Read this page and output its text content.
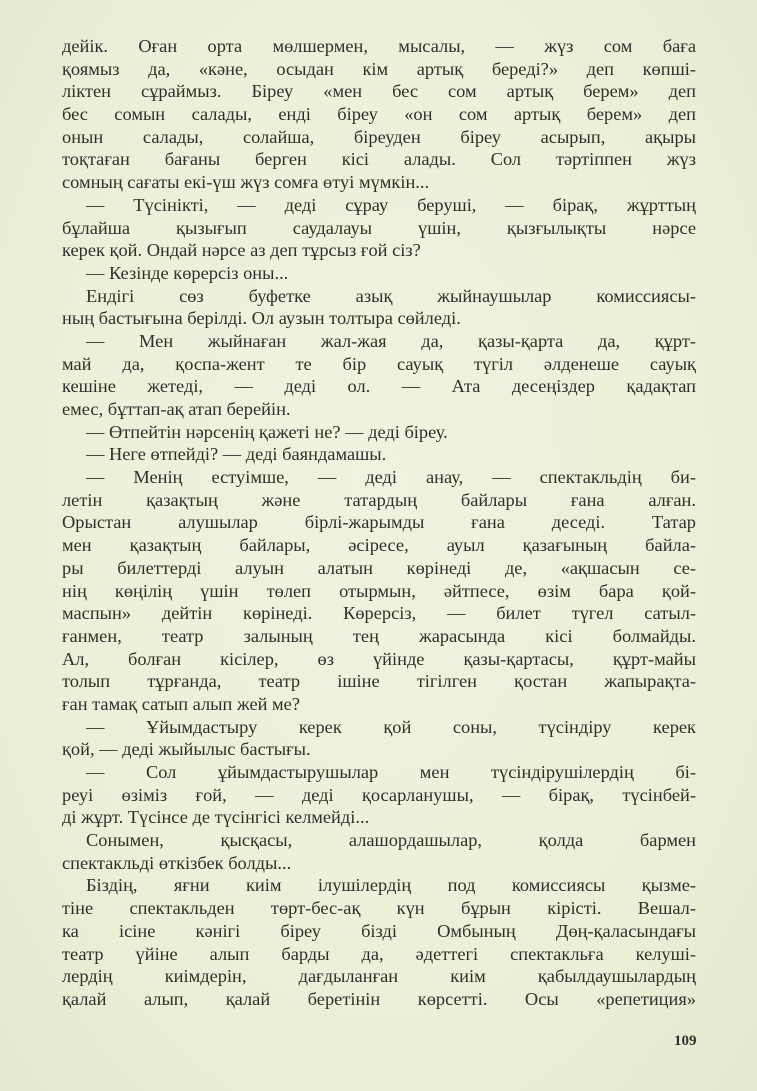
дейік. Оған орта мөлшермен, мысалы, — жүз сом баға
қоямыз да, «кәне, осыдан кім артық береді?» деп көпші-
ліктен сұраймыз. Біреу «мен бес сом артық берем» деп
бес сомын салады, енді біреу «он сом артық берем» деп
онын салады, солайша, біреуден біреу асырып, ақыры
тоқтаған бағаны берген кісі алады. Сол тәртіппен жүз
сомның сағаты екі-үш жүз сомға өтуі мүмкін...
— Түсінікті, — деді сұрау беруші, — бірақ, жұрттың
бұлайша қызығып саудалауы үшін, қызғылықты нәрсе
керек қой. Ондай нәрсе аз деп тұрсыз ғой сіз?
— Кезінде көрерсіз оны...
Ендігі сөз буфетке азық жыйнаушылар комиссиясы-
ның бастығына берілді. Ол аузын толтыра сөйледі.
— Мен жыйнаған жал-жая да, қазы-қарта да, құрт-
май да, қоспа-жент те бір сауық түгіл әлденеше сауық
кешіне жетеді, — деді ол. — Ата десеңіздер қадақтап
емес, бұттап-ақ атап берейін.
— Өтпейтін нәрсенің қажеті не? — деді біреу.
— Неге өтпейді? — деді баяндамашы.
— Менің естуімше, — деді анау, — спектакльдің би-
летін қазақтың және татардың байлары ғана алған.
Орыстан алушылар бірлі-жарымды ғана деседі. Татар
мен қазақтың байлары, әсіресе, ауыл қазағының байла-
ры билеттерді алуын алатын көрінеді де, «ақшасын се-
нің көңілің үшін төлеп отырмын, әйтпесе, өзім бара қой-
маспын» дейтін көрінеді. Көрерсіз, — билет түгел сатыл-
ғанмен, театр залының тең жарасында кісі болмайды.
Ал, болған кісілер, өз үйінде қазы-қартасы, құрт-майы
толып тұрғанда, театр ішіне тігілген қостан жапырақта-
ған тамақ сатып алып жей ме?
— Ұйымдастыру керек қой соны, түсіндіру керек
қой, — деді жыйылыс бастығы.
— Сол ұйымдастырушылар мен түсіндірушілердің бі-
реуі өзіміз ғой, — деді қосарланушы, — бірақ, түсінбей-
ді жұрт. Түсінсе де түсінгісі келмейді...
Сонымен, қысқасы, алашордашылар, қолда бармен
спектакльді өткізбек болды...
Біздің, яғни киім ілушілердің под комиссиясы қызме-
тіне спектакльден төрт-бес-ақ күн бұрын кірісті. Вешал-
ка ісіне кәнігі біреу бізді Омбының Дөң-қаласындағы
театр үйіне алып барды да, әдеттегі спектакльға келуші-
лердің киімдерін, дағдыланған киім қабылдаушылардың
қалай алып, қалай беретінін көрсетті. Осы «репетиция»
109
